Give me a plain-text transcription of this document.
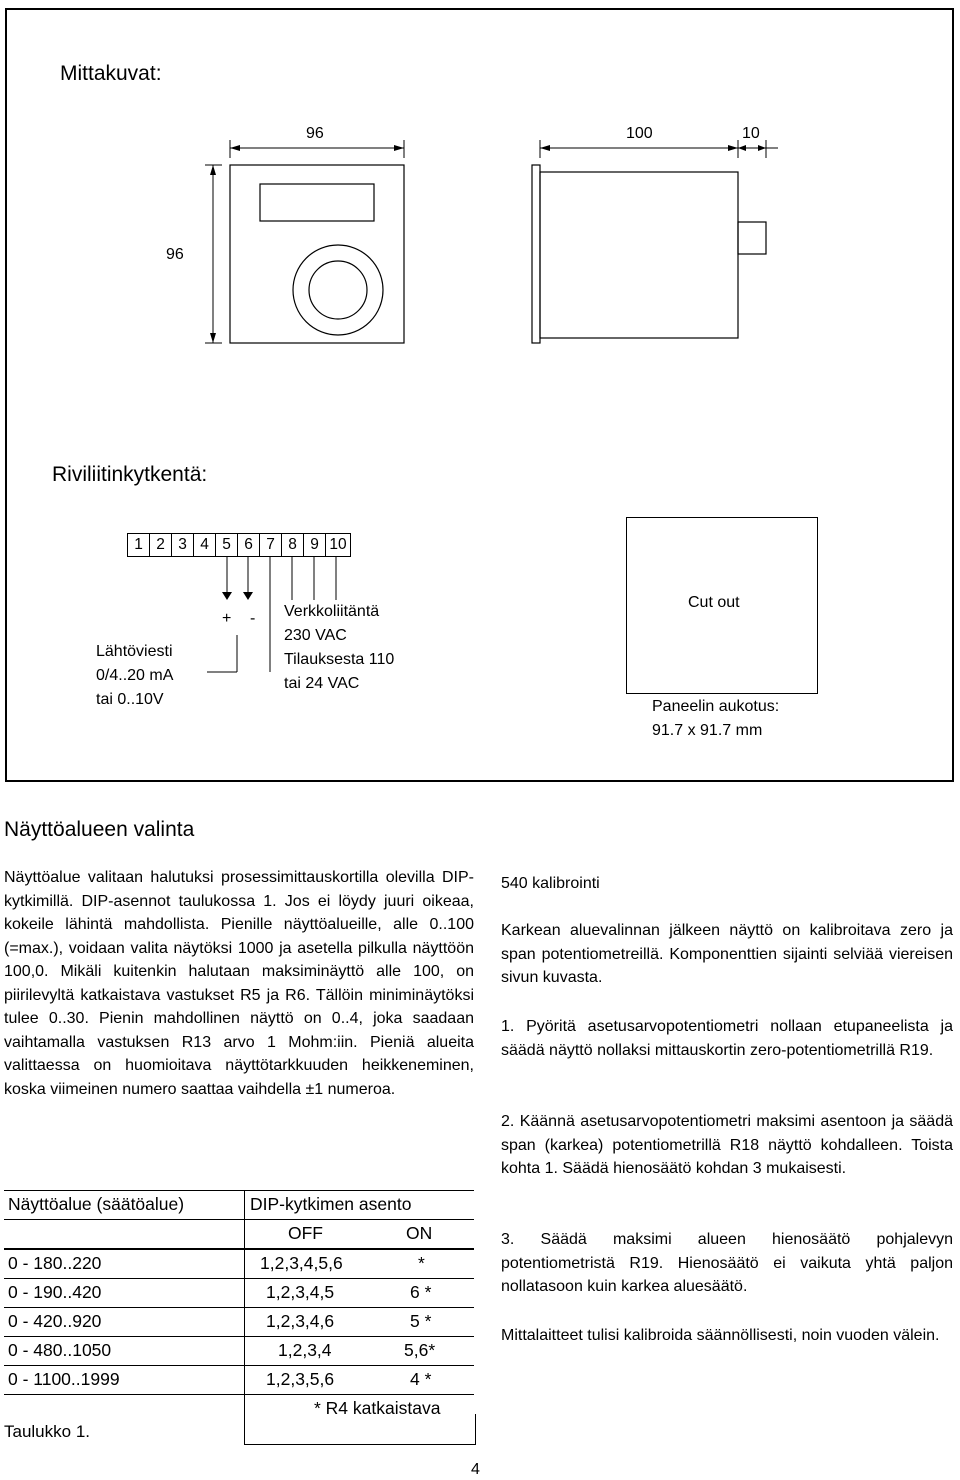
Mittakuvat:
96
96
100	10
Riviliitinkytkentä:
1 2 3 4 5 6 7 8 9 10
+ -
Lähtöviesti
0/4..20 mA
tai 0..10V
Verkkoliitäntä
230 VAC
Tilauksesta 110
tai 24 VAC
Cut out
Paneelin aukotus:
91.7 x 91.7 mm
Näyttöalueen valinta
Näyttöalue valitaan halutuksi prosessimittauskortilla olevilla DIP-kytkimillä. DIP-asennot taulukossa 1. Jos ei löydy juuri oikeaa, kokeile lähintä mahdollista. Pienille näyttöalueille, alle 0..100 (=max.), voidaan valita näytöksi 1000 ja asetella pilkulla näyttöön 100,0. Mikäli kuitenkin halutaan maksiminäyttö alle 100, on piirilevyltä katkaistava vastukset R5 ja R6. Tällöin miniminäytöksi tulee 0..30. Pienin mahdollinen näyttö on 0..4, joka saadaan vaihtamalla vastuksen R13 arvo 1 Mohm:iin. Pieniä alueita valittaessa on huomioitava näyttötarkkuuden heikkeneminen, koska viimeinen numero saattaa vaihdella ±1 numeroa.
Näyttöalue (säätöalue)	DIP-kytkimen asento
OFF	ON
0 - 180..220	1,2,3,4,5,6	*
0 - 190..420	1,2,3,4,5	6 *
0 - 420..920	1,2,3,4,6	5 *
0 - 480..1050	1,2,3,4	5,6*
0 - 1100..1999	1,2,3,5,6	4 *
* R4 katkaistava
Taulukko 1.
540 kalibrointi
Karkean aluevalinnan jälkeen näyttö on kalibroitava zero ja span potentiometreillä. Komponenttien sijainti selviää viereisen sivun kuvasta.
1. Pyöritä asetusarvopotentiometri nollaan etupaneelista ja säädä näyttö nollaksi mittauskortin zero-potentiometrillä R19.
2. Käännä asetusarvopotentiometri maksimi asentoon ja säädä span (karkea) potentiometrillä R18 näyttö kohdalleen. Toista kohta 1. Säädä hienosäätö kohdan 3 mukaisesti.
3. Säädä maksimi alueen hienosäätö pohjalevyn potentiometristä R19. Hienosäätö ei vaikuta yhtä paljon nollatasoon kuin karkea aluesäätö.
Mittalaitteet tulisi kalibroida säännöllisesti, noin vuoden välein.
4
